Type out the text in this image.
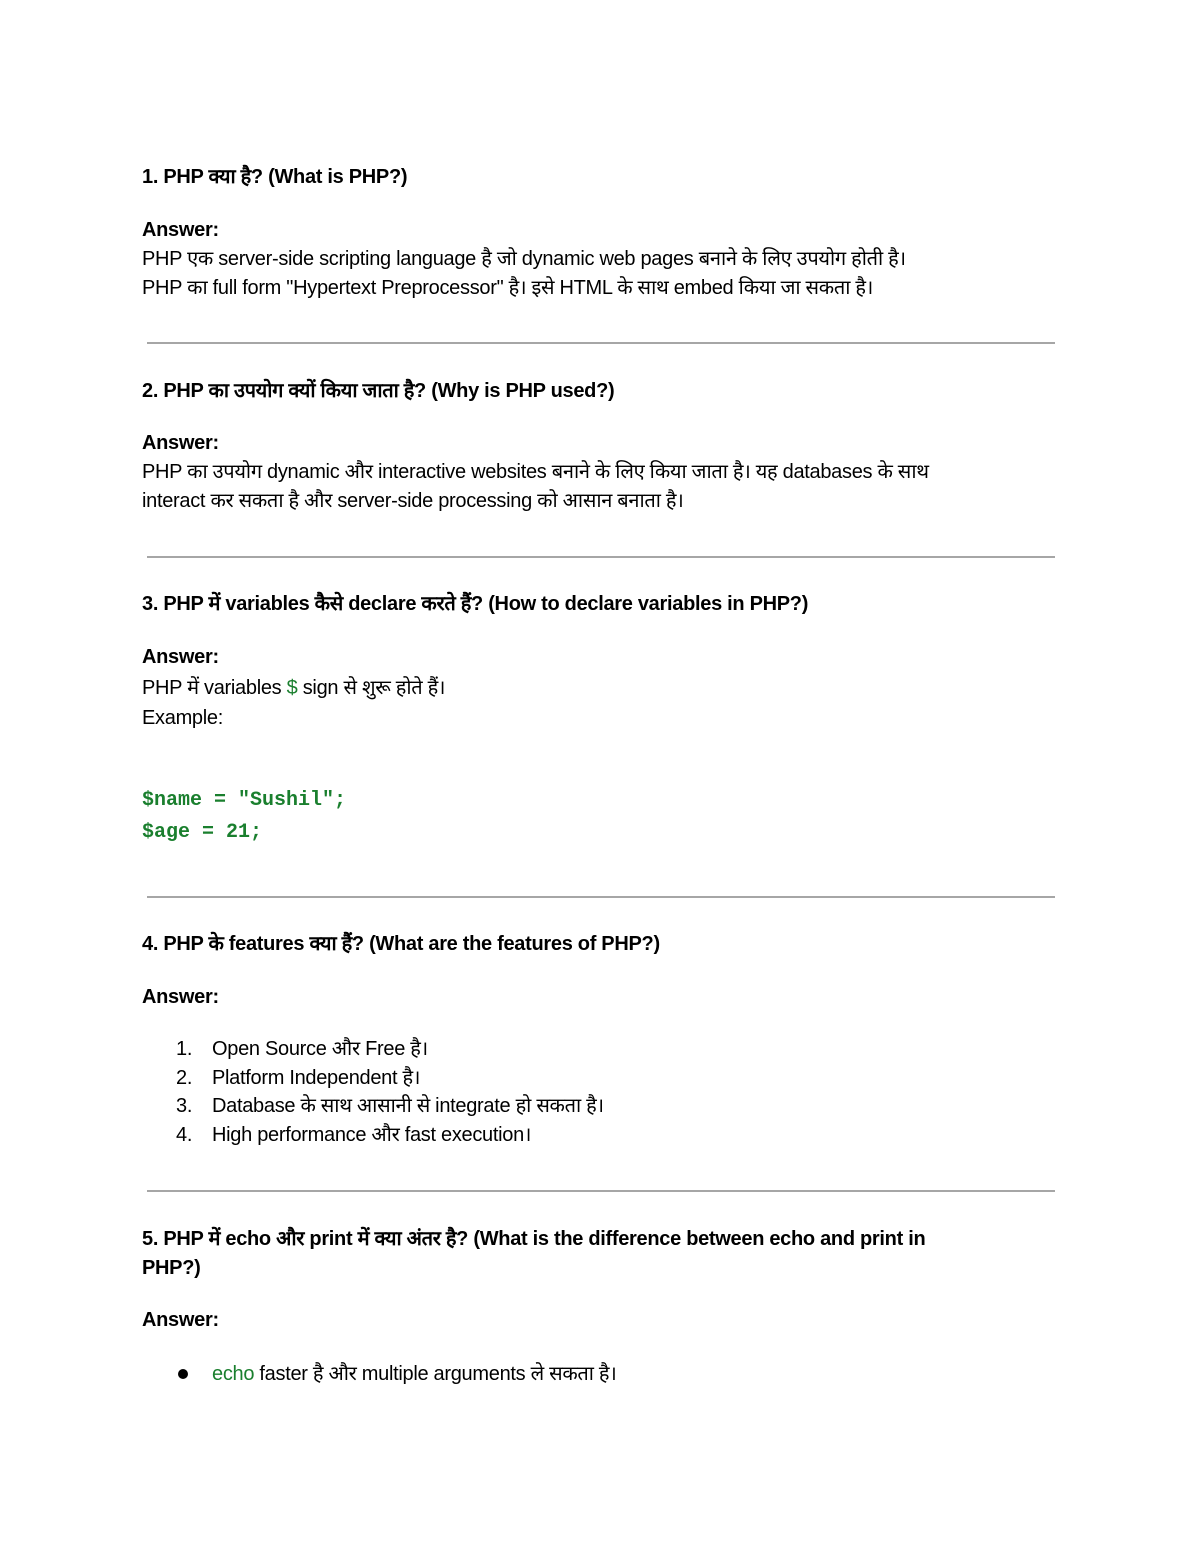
1. PHP क्या है? (What is PHP?)
Answer:
PHP एक server-side scripting language है जो dynamic web pages बनाने के लिए उपयोग होती है।
PHP का full form "Hypertext Preprocessor" है। इसे HTML के साथ embed किया जा सकता है।
2. PHP का उपयोग क्यों किया जाता है? (Why is PHP used?)
Answer:
PHP का उपयोग dynamic और interactive websites बनाने के लिए किया जाता है। यह databases के साथ
interact कर सकता है और server-side processing को आसान बनाता है।
3. PHP में variables कैसे declare करते हैं? (How to declare variables in PHP?)
Answer:
PHP में variables $ sign से शुरू होते हैं।
Example:
$name = "Sushil";
$age = 21;
4. PHP के features क्या हैं? (What are the features of PHP?)
Answer:
1. Open Source और Free है।
2. Platform Independent है।
3. Database के साथ आसानी से integrate हो सकता है।
4. High performance और fast execution।
5. PHP में echo और print में क्या अंतर है? (What is the difference between echo and print in
PHP?)
Answer:
echo faster है और multiple arguments ले सकता है।
